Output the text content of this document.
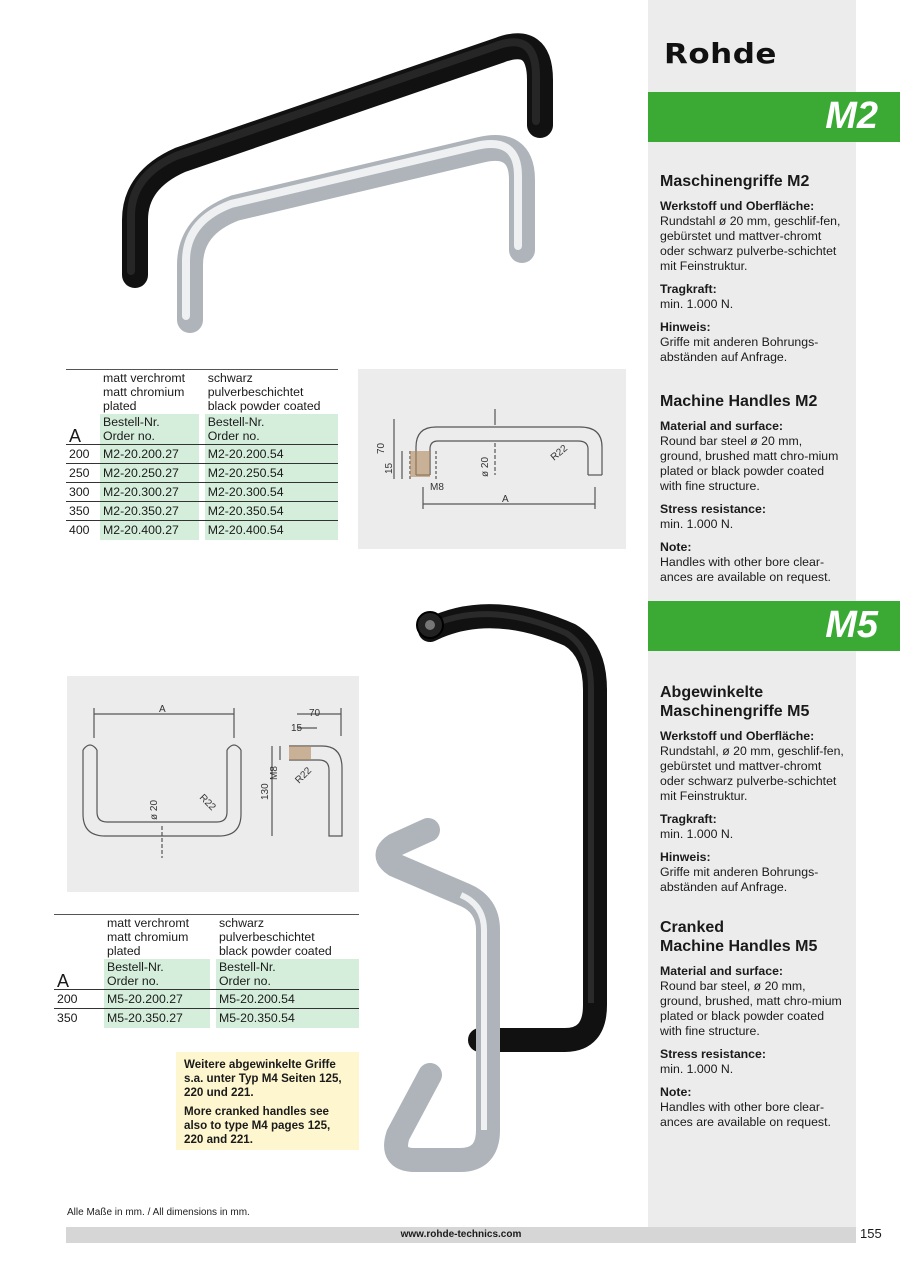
Rohde
M2
Maschinengriffe M2

Werkstoff und Oberfläche:
Rundstahl ø 20 mm, geschlif-fen, gebürstet und mattver-chromt oder schwarz pulverbe-schichtet mit Feinstruktur.

Tragkraft:
min. 1.000 N.

Hinweis:
Griffe mit anderen Bohrungs-abständen auf Anfrage.

Machine Handles M2

Material and surface:
Round bar steel ø 20 mm, ground, brushed matt chro-mium plated or black powder coated with fine structure.

Stress resistance:
min. 1.000 N.

Note:
Handles with other bore clear-ances are available on request.

M5
Abgewinkelte
Maschinengriffe M5

Werkstoff und Oberfläche:
Rundstahl, ø 20 mm, geschlif-fen, gebürstet und mattver-chromt oder schwarz pulverbe-schichtet mit Feinstruktur.

Tragkraft:
min. 1.000 N.

Hinweis:
Griffe mit anderen Bohrungs-abständen auf Anfrage.

Cranked
Machine Handles M5

Material and surface:
Round bar steel, ø 20 mm, ground, brushed, matt chro-mium plated or black powder coated with fine structure.

Stress resistance:
min. 1.000 N.

Note:
Handles with other bore clear-ances are available on request.

		matt verchromt
matt chromium
plated		schwarz
pulverbeschichtet
black powder coated
A		Bestell-Nr.
Order no.		Bestell-Nr.
Order no.
200		M2-20.200.27		M2-20.200.54
250		M2-20.250.27		M2-20.250.54
300		M2-20.300.27		M2-20.300.54
350		M2-20.350.27		M2-20.350.54
400		M2-20.400.27		M2-20.400.54
70
15
M8
ø 20
R22
A
A
ø 20	R22
70
15
M8
130
R22
		matt verchromt
matt chromium
plated		schwarz
pulverbeschichtet
black powder coated
A		Bestell-Nr.
Order no.		Bestell-Nr.
Order no.
200		M5-20.200.27		M5-20.200.54
350		M5-20.350.27		M5-20.350.54

Weitere abgewinkelte Griffe s.a. unter Typ M4 Seiten 125, 220 und 221.

More cranked handles see also to type M4 pages 125, 220 and 221.

Alle Maße in mm. / All dimensions in mm.
www.rohde-technics.com	155
